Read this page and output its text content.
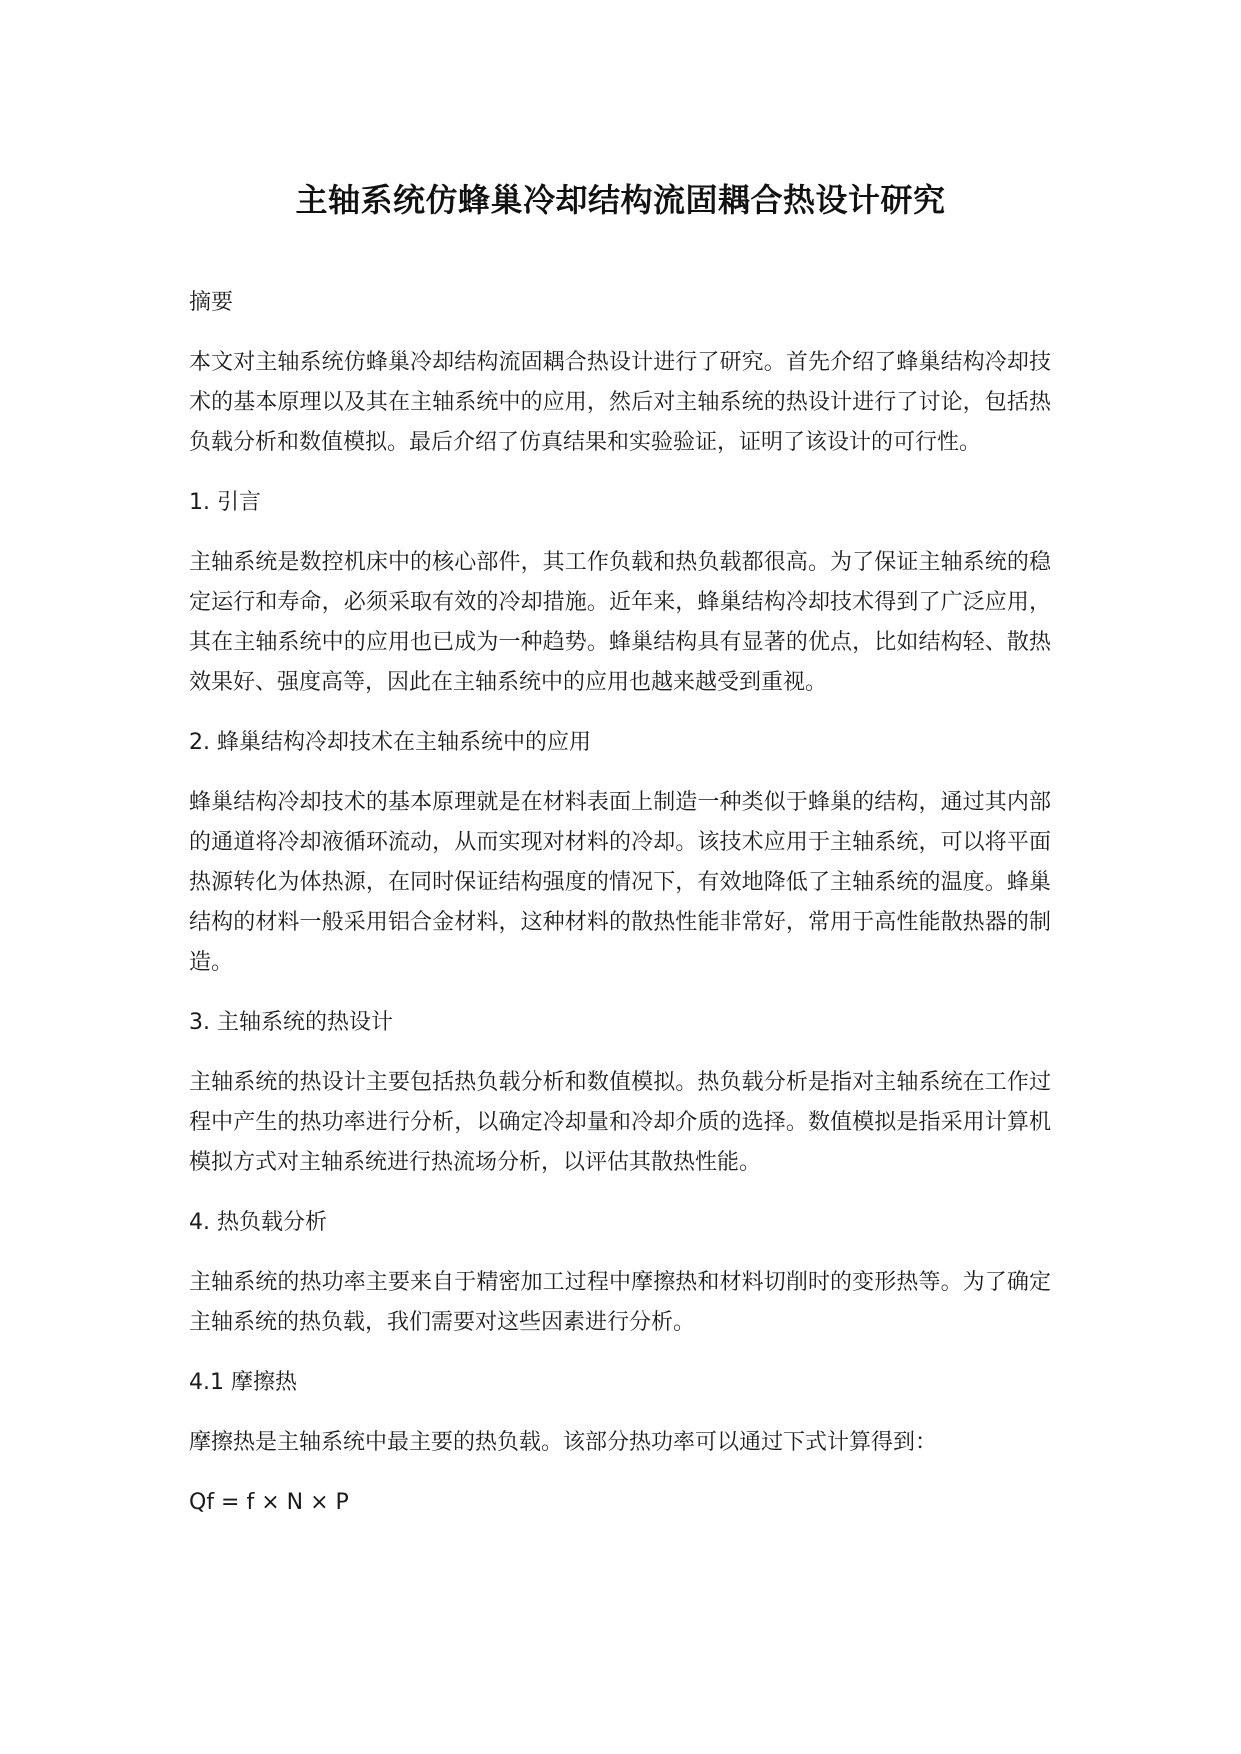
主轴系统仿蜂巢冷却结构流固耦合热设计研究

摘要

本文对主轴系统仿蜂巢冷却结构流固耦合热设计进行了研究。首先介绍了蜂巢结构冷却技术的基本原理以及其在主轴系统中的应用，然后对主轴系统的热设计进行了讨论，包括热负载分析和数值模拟。最后介绍了仿真结果和实验验证，证明了该设计的可行性。

1. 引言

主轴系统是数控机床中的核心部件，其工作负载和热负载都很高。为了保证主轴系统的稳定运行和寿命，必须采取有效的冷却措施。近年来，蜂巢结构冷却技术得到了广泛应用，其在主轴系统中的应用也已成为一种趋势。蜂巢结构具有显著的优点，比如结构轻、散热效果好、强度高等，因此在主轴系统中的应用也越来越受到重视。

2. 蜂巢结构冷却技术在主轴系统中的应用

蜂巢结构冷却技术的基本原理就是在材料表面上制造一种类似于蜂巢的结构，通过其内部的通道将冷却液循环流动，从而实现对材料的冷却。该技术应用于主轴系统，可以将平面热源转化为体热源，在同时保证结构强度的情况下，有效地降低了主轴系统的温度。蜂巢结构的材料一般采用铝合金材料，这种材料的散热性能非常好，常用于高性能散热器的制造。

3. 主轴系统的热设计

主轴系统的热设计主要包括热负载分析和数值模拟。热负载分析是指对主轴系统在工作过程中产生的热功率进行分析，以确定冷却量和冷却介质的选择。数值模拟是指采用计算机模拟方式对主轴系统进行热流场分析，以评估其散热性能。

4. 热负载分析

主轴系统的热功率主要来自于精密加工过程中摩擦热和材料切削时的变形热等。为了确定主轴系统的热负载，我们需要对这些因素进行分析。

4.1 摩擦热

摩擦热是主轴系统中最主要的热负载。该部分热功率可以通过下式计算得到：

Qf = f × N × P
